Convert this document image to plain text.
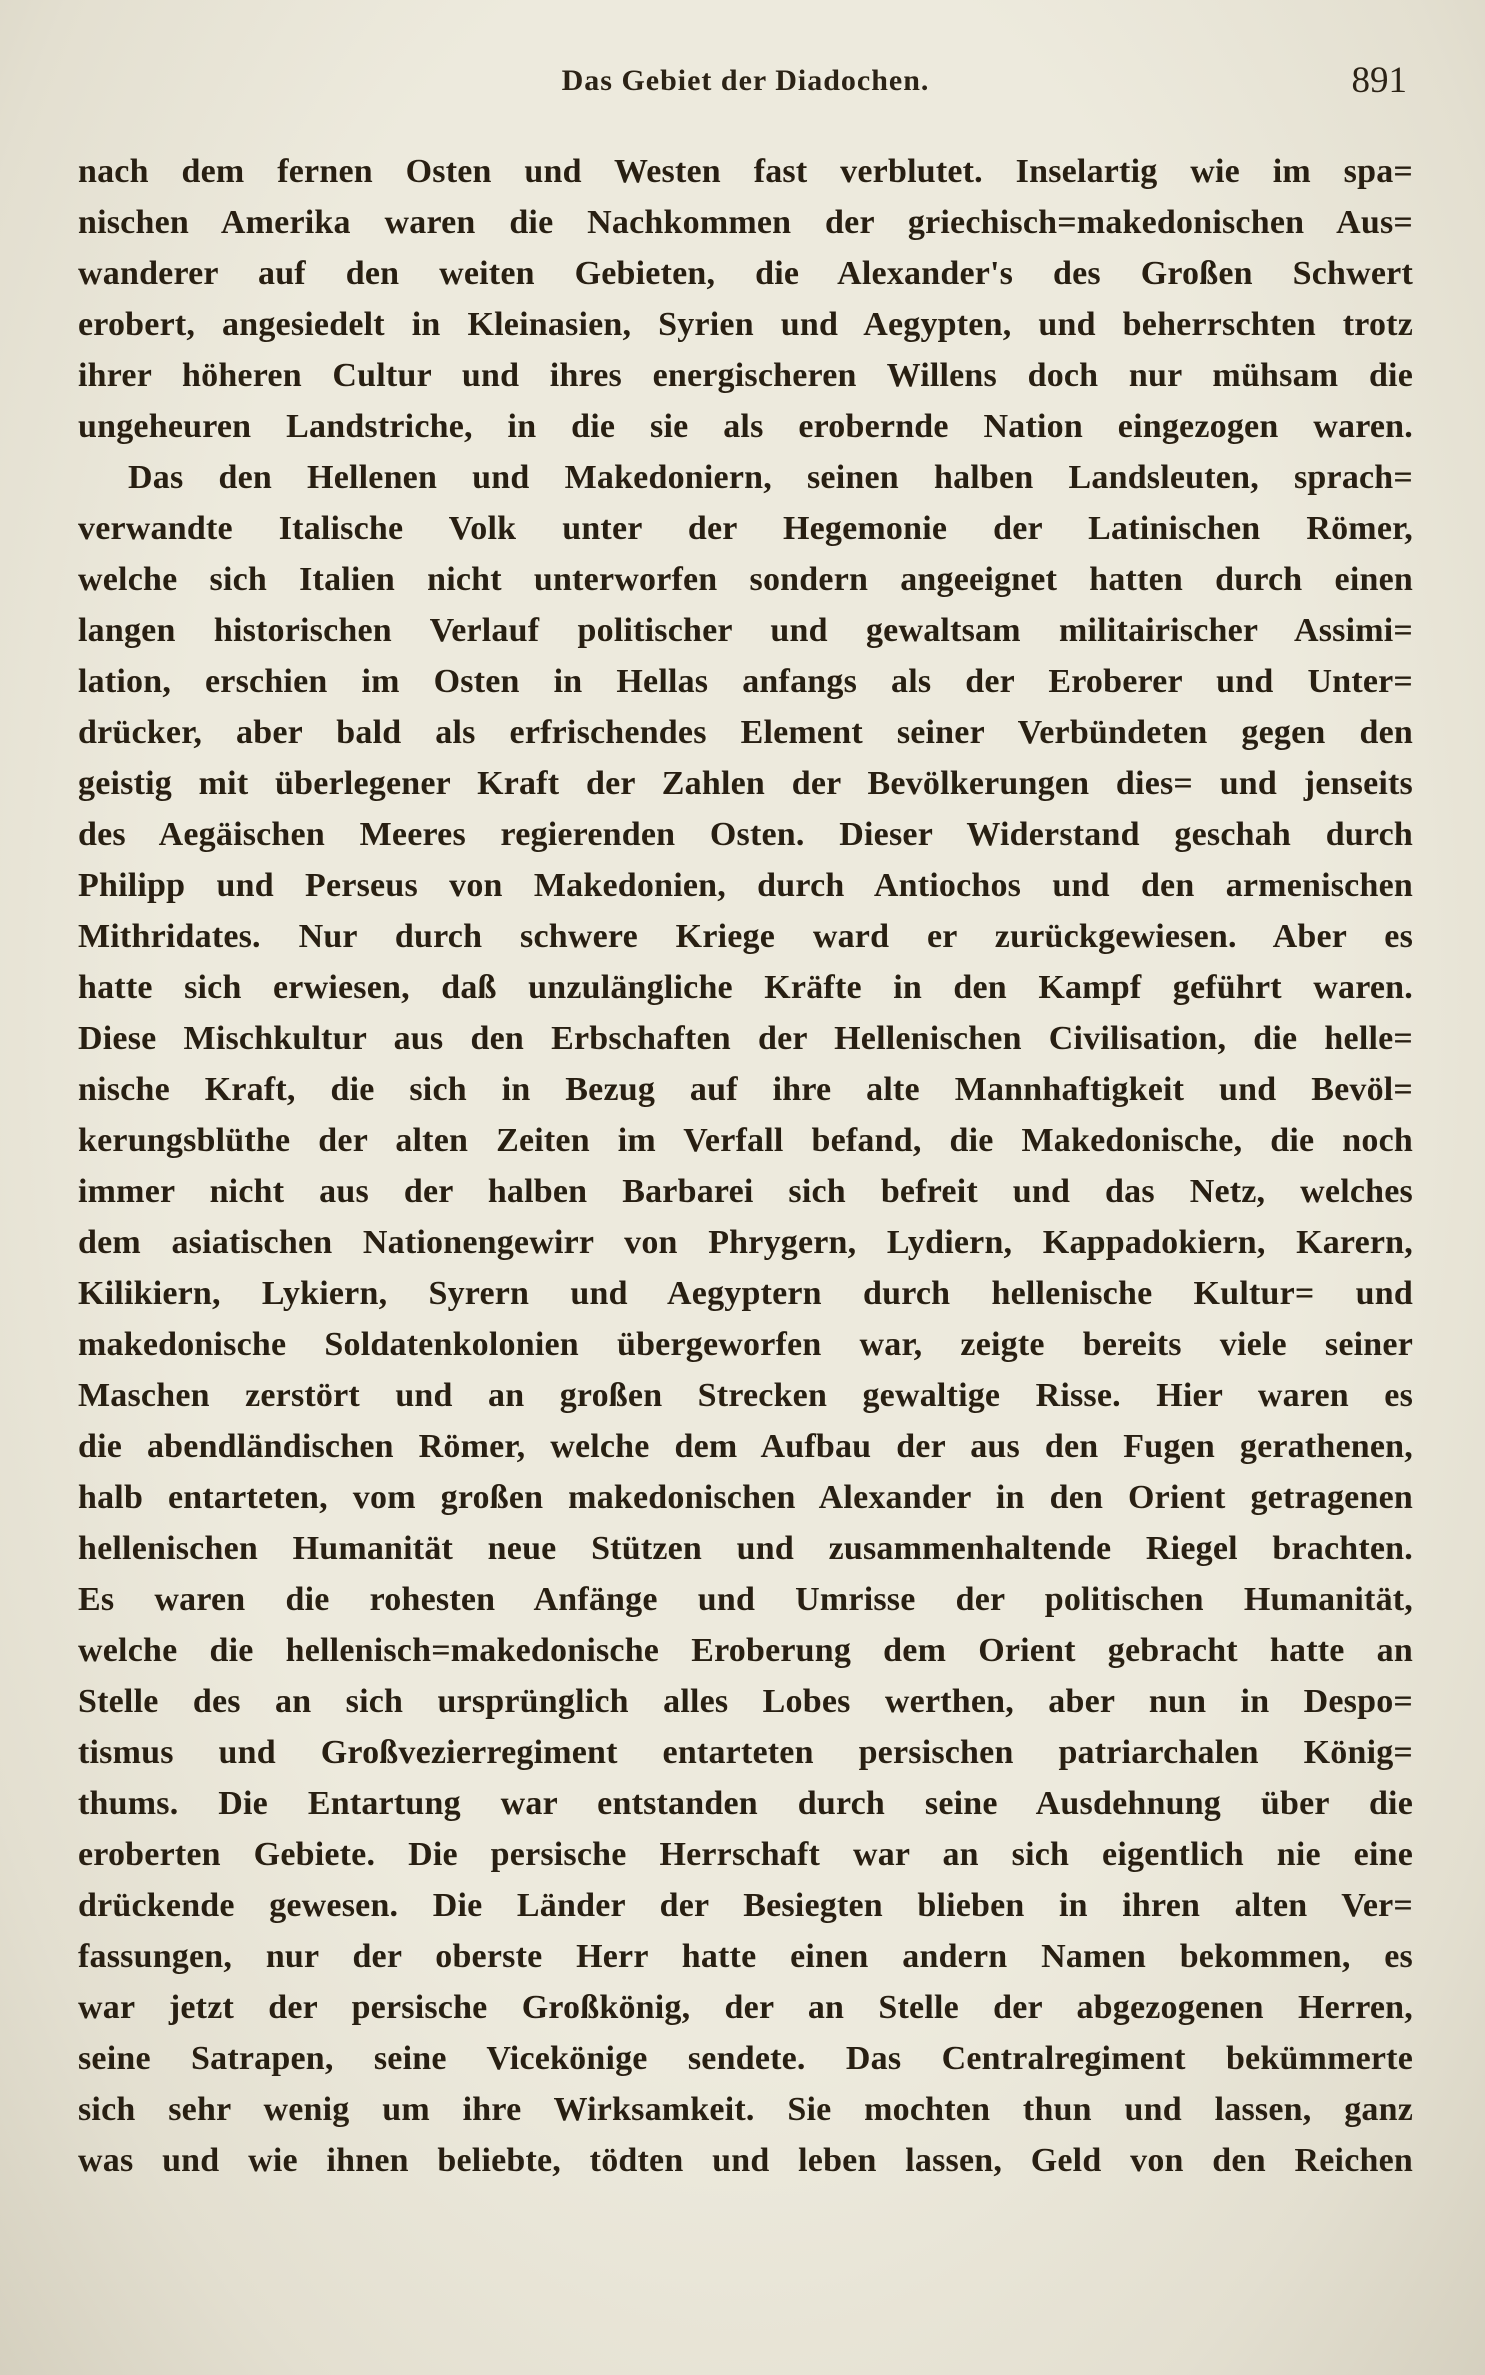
Das Gebiet der Diadochen.	891
nach dem fernen Osten und Westen fast verblutet. Inselartig wie im spa=
nischen Amerika waren die Nachkommen der griechisch=makedonischen Aus=
wanderer auf den weiten Gebieten, die Alexander's des Großen Schwert
erobert, angesiedelt in Kleinasien, Syrien und Aegypten, und beherrschten trotz
ihrer höheren Cultur und ihres energischeren Willens doch nur mühsam die
ungeheuren Landstriche, in die sie als erobernde Nation eingezogen waren.
Das den Hellenen und Makedoniern, seinen halben Landsleuten, sprach=
verwandte Italische Volk unter der Hegemonie der Latinischen Römer,
welche sich Italien nicht unterworfen sondern angeeignet hatten durch einen
langen historischen Verlauf politischer und gewaltsam militairischer Assimi=
lation, erschien im Osten in Hellas anfangs als der Eroberer und Unter=
drücker, aber bald als erfrischendes Element seiner Verbündeten gegen den
geistig mit überlegener Kraft der Zahlen der Bevölkerungen dies= und jenseits
des Aegäischen Meeres regierenden Osten. Dieser Widerstand geschah durch
Philipp und Perseus von Makedonien, durch Antiochos und den armenischen
Mithridates. Nur durch schwere Kriege ward er zurückgewiesen. Aber es
hatte sich erwiesen, daß unzulängliche Kräfte in den Kampf geführt waren.
Diese Mischkultur aus den Erbschaften der Hellenischen Civilisation, die helle=
nische Kraft, die sich in Bezug auf ihre alte Mannhaftigkeit und Bevöl=
kerungsblüthe der alten Zeiten im Verfall befand, die Makedonische, die noch
immer nicht aus der halben Barbarei sich befreit und das Netz, welches
dem asiatischen Nationengewirr von Phrygern, Lydiern, Kappadokiern, Karern,
Kilikiern, Lykiern, Syrern und Aegyptern durch hellenische Kultur= und
makedonische Soldatenkolonien übergeworfen war, zeigte bereits viele seiner
Maschen zerstört und an großen Strecken gewaltige Risse. Hier waren es
die abendländischen Römer, welche dem Aufbau der aus den Fugen gerathenen,
halb entarteten, vom großen makedonischen Alexander in den Orient getragenen
hellenischen Humanität neue Stützen und zusammenhaltende Riegel brachten.
Es waren die rohesten Anfänge und Umrisse der politischen Humanität,
welche die hellenisch=makedonische Eroberung dem Orient gebracht hatte an
Stelle des an sich ursprünglich alles Lobes werthen, aber nun in Despo=
tismus und Großvezierregiment entarteten persischen patriarchalen König=
thums. Die Entartung war entstanden durch seine Ausdehnung über die
eroberten Gebiete. Die persische Herrschaft war an sich eigentlich nie eine
drückende gewesen. Die Länder der Besiegten blieben in ihren alten Ver=
fassungen, nur der oberste Herr hatte einen andern Namen bekommen, es
war jetzt der persische Großkönig, der an Stelle der abgezogenen Herren,
seine Satrapen, seine Vicekönige sendete. Das Centralregiment bekümmerte
sich sehr wenig um ihre Wirksamkeit. Sie mochten thun und lassen, ganz
was und wie ihnen beliebte, tödten und leben lassen, Geld von den Reichen
